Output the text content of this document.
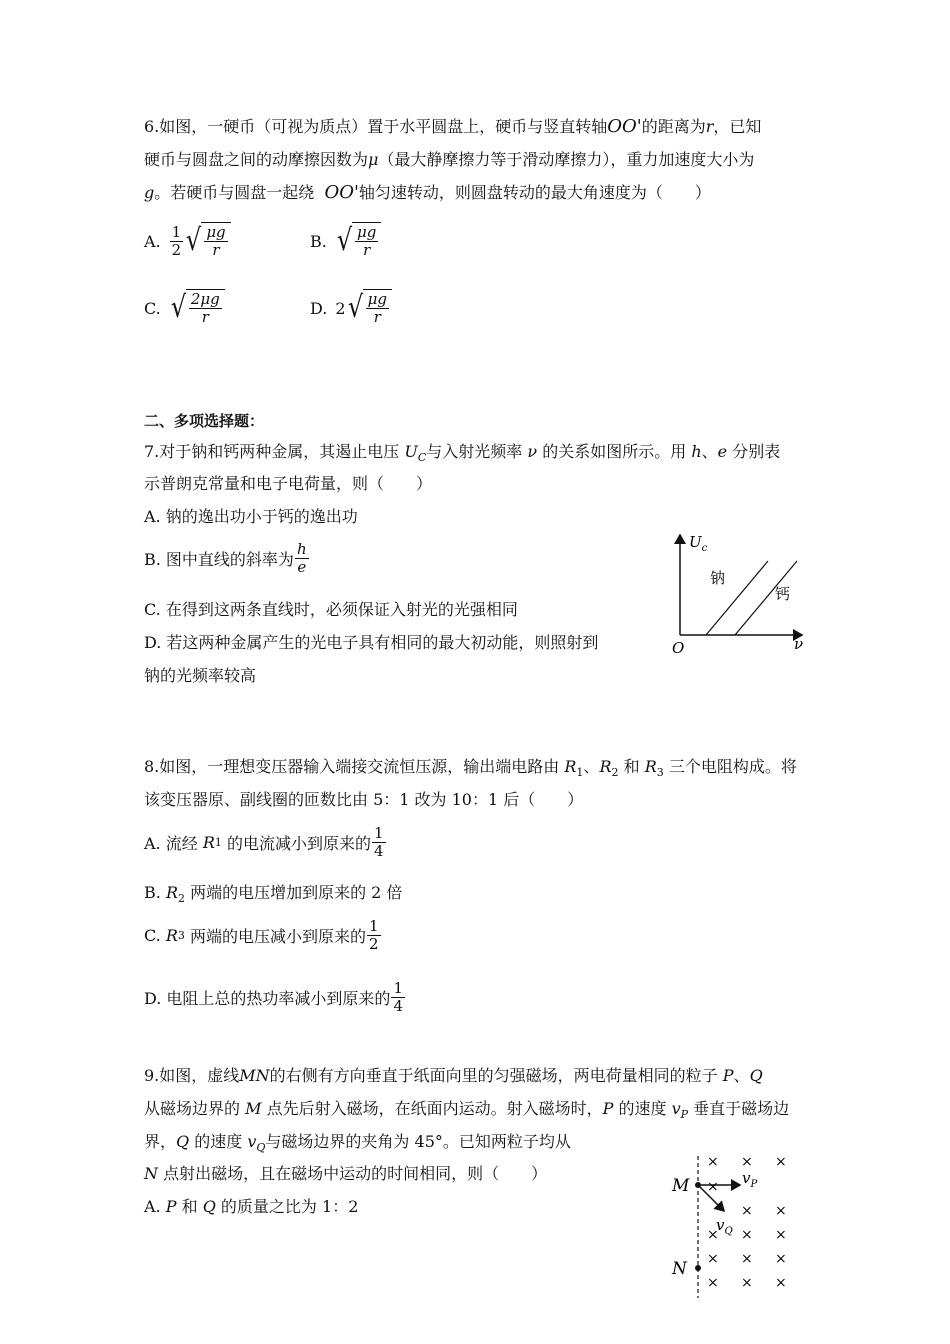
6.如图，一硬币（可视为质点）置于水平圆盘上，硬币与竖直转轴OO'的距离为r，已知
硬币与圆盘之间的动摩擦因数为μ（最大静摩擦力等于滑动摩擦力），重力加速度大小为
g。若硬币与圆盘一起绕 OO'轴匀速转动，则圆盘转动的最大角速度为（　　）
A. $\frac{1}{2}$ √ $\frac{\mu g}{r}$	B. √ $\frac{\mu g}{r}$
C. √ $\frac{2\mu g}{r}$	D. 2 √ $\frac{\mu g}{r}$
二、多项选择题：
7.对于钠和钙两种金属，其遏止电压 $U_C$与入射光频率 ν 的关系如图所示。用 h、e 分别表
示普朗克常量和电子电荷量，则（　　）
A. 钠的逸出功小于钙的逸出功
B. 图中直线的斜率为 $\frac{h}{e}$
C. 在得到这两条直线时，必须保证入射光的光强相同
D. 若这两种金属产生的光电子具有相同的最大初动能，则照射到
钠的光频率较高
$U_c$
ν
O
钠
钙
8.如图，一理想变压器输入端接交流恒压源，输出端电路由 $R_1$、$R_2$ 和 $R_3$ 三个电阻构成。将
该变压器原、副线圈的匝数比由 5：1 改为 10：1 后（　　）
A. 流经
R 1
的电流减小到原来的 $\frac{1}{4}$
B. $R_2$ 两端的电压增加到原来的 2 倍
C.
R 3
两端的电压减小到原来的 $\frac{1}{2}$
D. 电阻上总的热功率减小到原来的 $\frac{1}{4}$
9.如图，虚线MN的右侧有方向垂直于纸面向里的匀强磁场，两电荷量相同的粒子 P、Q
从磁场边界的 M 点先后射入磁场，在纸面内运动。射入磁场时，P 的速度 $v_P$ 垂直于磁场边
界，Q 的速度 $v_Q$与磁场边界的夹角为 45°。已知两粒子均从
N 点射出磁场，且在磁场中运动的时间相同，则（　　）
A. P 和 Q 的质量之比为 1：2
M
N
$v_P$
$v_Q$
× × ×
×
× ×
× × ×
× × ×
× × ×
